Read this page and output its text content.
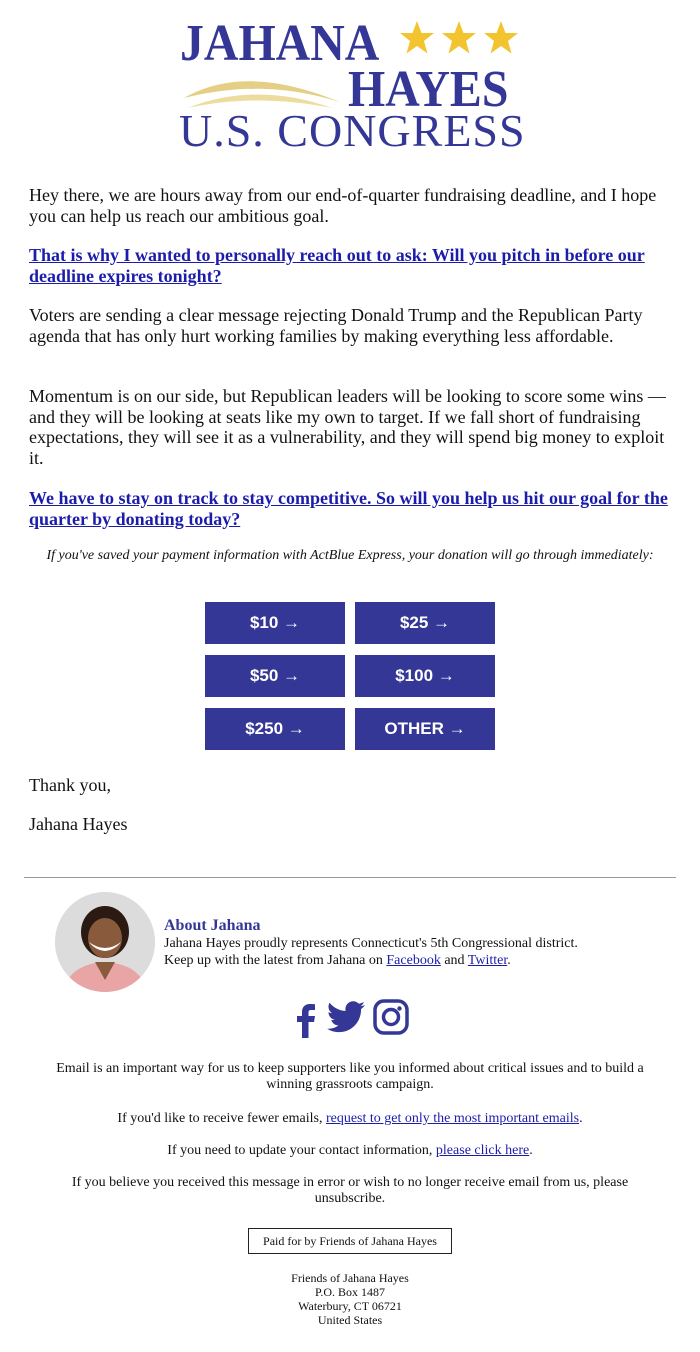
JAHANA
HAYES
U.S. CONGRESS

Hey there, we are hours away from our end-of-quarter fundraising deadline, and I hope you can help us reach our ambitious goal.

That is why I wanted to personally reach out to ask: Will you pitch in before our deadline expires tonight?

Voters are sending a clear message rejecting Donald Trump and the Republican Party agenda that has only hurt working families by making everything less affordable.

Momentum is on our side, but Republican leaders will be looking to score some wins — and they will be looking at seats like my own to target. If we fall short of fundraising expectations, they will see it as a vulnerability, and they will spend big money to exploit it.

We have to stay on track to stay competitive. So will you help us hit our goal for the quarter by donating today?

If you've saved your payment information with ActBlue Express, your donation will go through immediately:
$10 →	$25 →
$50 →	$100 →
$250 →	OTHER →
Thank you,
Jahana Hayes
About Jahana
Jahana Hayes proudly represents Connecticut's 5th Congressional district.
Keep up with the latest from Jahana on Facebook and Twitter.
Email is an important way for us to keep supporters like you informed about critical issues and to build a winning grassroots campaign.
If you'd like to receive fewer emails, request to get only the most important emails.
If you need to update your contact information, please click here.
If you believe you received this message in error or wish to no longer receive email from us, please unsubscribe.
Paid for by Friends of Jahana Hayes
Friends of Jahana Hayes
P.O. Box 1487
Waterbury, CT 06721
United States
